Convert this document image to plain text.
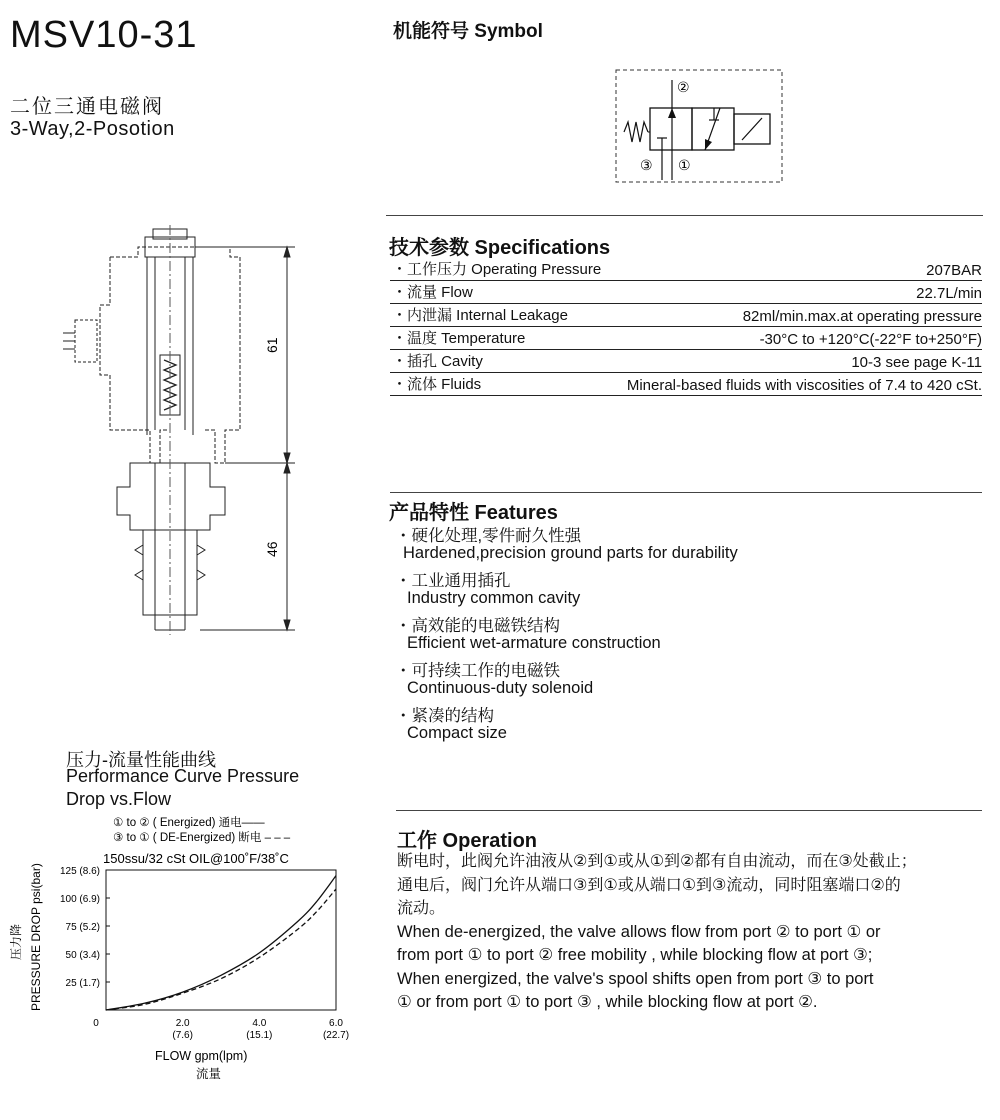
MSV10-31
二位三通电磁阀
3-Way,2-Posotion
机能符号 Symbol
②
③ ①
61
46
技术参数 Specifications
・工作压力 Operating Pressure	207BAR
・流量 Flow	22.7L/min
・内泄漏 Internal Leakage	82ml/min.max.at operating pressure
・温度 Temperature	-30°C to +120°C(-22°F to+250°F)
・插孔 Cavity	10-3 see page K-11
・流体 Fluids	Mineral-based fluids with viscosities of 7.4 to 420 cSt.
产品特性 Features
・硬化处理,零件耐久性强
Hardened,precision ground parts for durability
・工业通用插孔
Industry common cavity
・高效能的电磁铁结构
Efficient wet-armature construction
・可持续工作的电磁铁
Continuous-duty solenoid
・紧凑的结构
Compact size
工作 Operation
断电时，此阀允许油液从②到①或从①到②都有自由流动，而在③处截止；
通电后，阀门允许从端口③到①或从端口①到③流动，同时阻塞端口②的
流动。
When de-energized, the valve allows flow from port ② to port ① or
from port ① to port ② free mobility , while blocking flow at port ③;
When energized, the valve's spool shifts open from port ③ to port
① or from port ① to port ③ , while blocking flow at port ②.
压力-流量性能曲线
Performance Curve Pressure
Drop vs.Flow
① to ② ( Energized) 通电——
③ to ① ( DE-Energized) 断电 – – –
150ssu/32 cSt OIL@100˚F/38˚C
25 (1.7)
50 (3.4)
75 (5.2)
100 (6.9)
125 (8.6)
0	2.0
(7.6)
4.0
(15.1)
6.0
(22.7)
PRESSURE DROP psi(bar)
压力降
FLOW gpm(lpm)
流量
